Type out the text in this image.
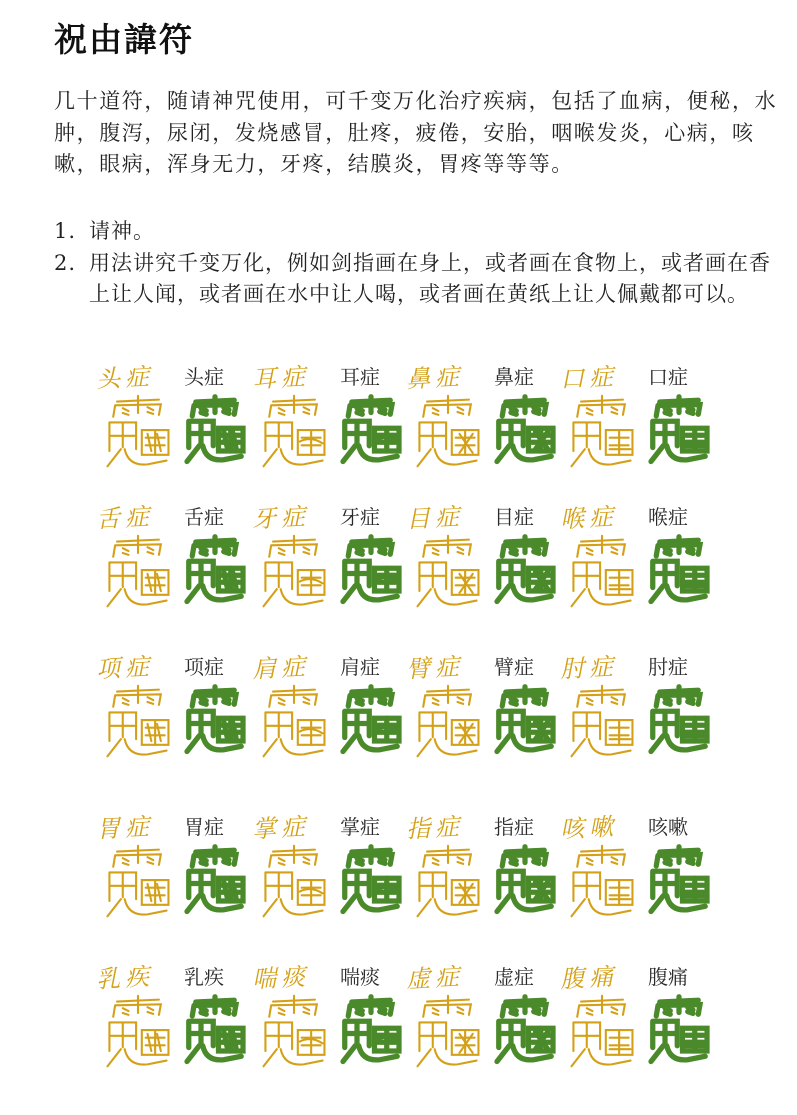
祝由諱符
几十道符，随请神咒使用，可千变万化治疗疾病，包括了血病，便秘，水肿，腹泻，尿闭，发烧感冒，肚疼，疲倦，安胎，咽喉发炎，心病，咳嗽，眼病，浑身无力，牙疼，结膜炎，胃疼等等等。
1. 请神。
2. 用法讲究千变万化，例如剑指画在身上，或者画在食物上，或者画在香上让人闻，或者画在水中让人喝，或者画在黄纸上让人佩戴都可以。
头症 头症 耳症 耳症 鼻症 鼻症 口症 口症
舌症 舌症 牙症 牙症 目症 目症 喉症 喉症
项症 项症 肩症 肩症 臂症 臂症 肘症 肘症
胃症 胃症 掌症 掌症 指症 指症 咳嗽 咳嗽
乳疾 乳疾 喘痰 喘痰 虚症 虚症 腹痛 腹痛
